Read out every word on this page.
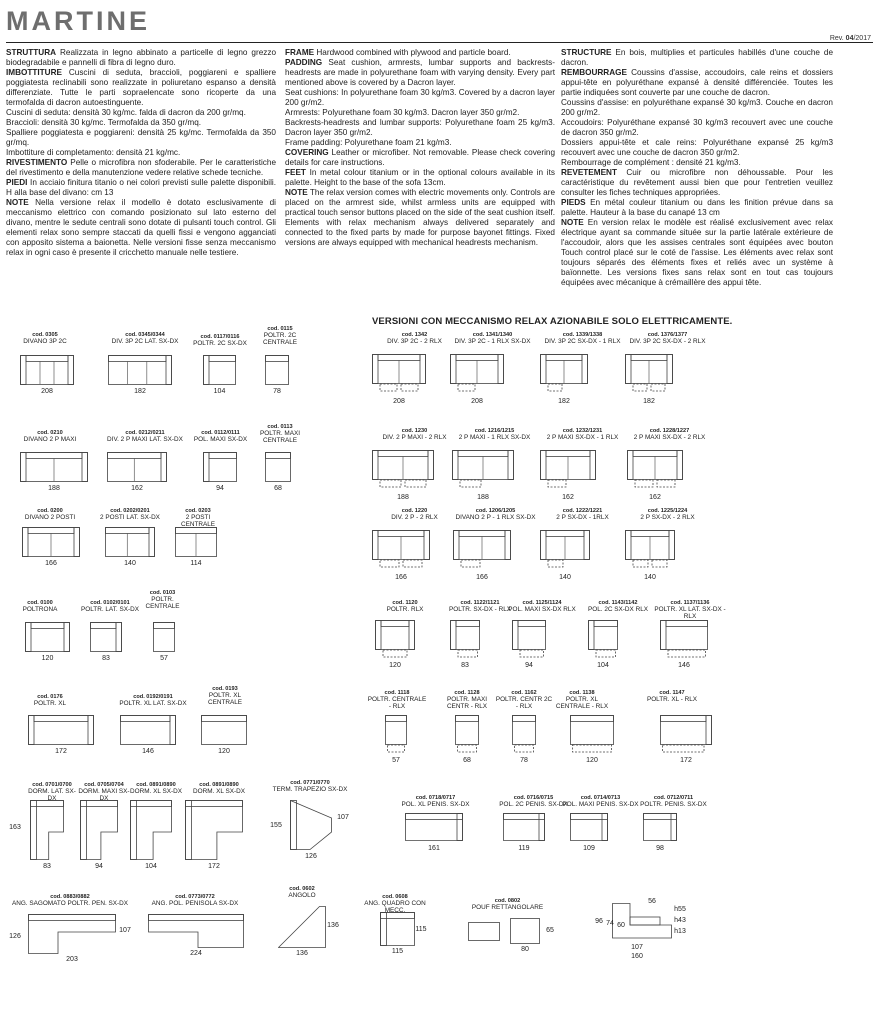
MARTINE
Rev. 04/2017

STRUTTURA Realizzata in legno abbinato a particelle di legno grezzo biodegradabile e pannelli di fibra di legno duro.

IMBOTTITURE Cuscini di seduta, braccioli, poggiareni e spalliere poggiatesta reclinabili sono realizzate in poliuretano espanso a densità differenziate. Tutte le parti sopraelencate sono ricoperte da una termofalda di dacron autoestinguente.

Cuscini di seduta: densità 30 kg/mc. falda di dacron da 200 gr/mq.

Braccioli: densità 30 kg/mc. Termofalda da 350 gr/mq.

Spalliere poggiatesta e poggiareni: densità 25 kg/mc. Termofalda da 350 gr/mq.

Imbottiture di completamento: densità 21 kg/mc.

RIVESTIMENTO Pelle o microfibra non sfoderabile. Per le caratteristiche del rivestimento e della manutenzione vedere relative schede tecniche.

PIEDI In acciaio finitura titanio o nei colori previsti sulle palette disponibili. H alla base del divano: cm 13

NOTE Nella versione relax il modello è dotato esclusivamente di meccanismo elettrico con comando posizionato sul lato esterno del divano, mentre le sedute centrali sono dotate di pulsanti touch control. Gli elementi relax sono sempre staccati da quelli fissi e vengono agganciati con apposito sistema a baionetta. Nelle versioni fisse senza meccanismo relax in ogni caso è presente il cricchetto manuale nelle testiere.

FRAME Hardwood combined with plywood and particle board.

PADDING Seat cushion, armrests, lumbar supports and backrests-headrests are made in polyurethane foam with varying density. Every part mentioned above is covered by a Dacron layer.

Seat cushions: In polyurethane foam 30 kg/m3. Covered by a dacron layer 200 gr/m2.

Armrests: Polyurethane foam 30 kg/m3. Dacron layer 350 gr/m2.

Backrests-headrests and lumbar supports: Polyurethane foam 25 kg/m3. Dacron layer 350 gr/m2.

Frame padding: Polyurethane foam 21 kg/m3.

COVERING Leather or microfiber. Not removable. Please check covering details for care instructions.

FEET In metal colour titanium or in the optional colours available in its palette. Height to the base of the sofa 13cm.

NOTE The relax version comes with electric movements only. Controls are placed on the armrest side, whilst armless units are equipped with practical touch sensor buttons placed on the side of the seat cushion itself. Elements with relax mechanism always delivered separately and connected to the fixed parts by made for purpose bayonet fittings. Fixed versions are always equipped with mechanical headrests mechanism.

STRUCTURE En bois, multiplies et particules habillés d'une couche de dacron.

REMBOURRAGE Coussins d'assise, accoudoirs, cale reins et dossiers appui-tête en polyuréthane expansé à densité différenciée. Toutes les partie indiquées sont couverte par une couche de dacron.

Coussins d'assise: en polyuréthane expansé 30 kg/m3. Couche en dacron 200 gr/m2.

Accoudoirs: Polyuréthane expansé 30 kg/m3 recouvert avec une couche de dacron 350 gr/m2.

Dossiers appui-tête et cale reins: Polyuréthane expansé 25 kg/m3 recouvert avec une couche de dacron 350 gr/m2.

Rembourrage de complément : densité 21 kg/m3.

REVETEMENT Cuir ou microfibre non déhoussable. Pour les caractéristique du revêtement aussi bien que pour l'entretien veuillez consulter les fiches techniques appropriées.

PIEDS En métal couleur titanium ou dans les finition prévue dans sa palette. Hauteur à la base du canapé 13 cm

NOTE En version relax le modèle est réalisé exclusivement avec relax électrique ayant sa commande située sur la partie latérale extérieure de l'accoudoir, alors que les assises centrales sont équipées avec bouton Touch control placé sur le coté de l'assise. Les éléments avec relax sont toujours séparés des éléments fixes et reliés avec un système à baïonnette. Les versions fixes sans relax sont en tout cas toujours équipées avec mécanique à crémaillère des appui tête.

VERSIONI CON MECCANISMO RELAX AZIONABILE SOLO ELETTRICAMENTE.
cod. 0305
DIVANO 3P 2C
208
cod. 0345/0344
DIV. 3P 2C LAT. SX-DX
182
cod. 0117/0116
POLTR. 2C SX-DX
104
cod. 0115
POLTR. 2C CENTRALE
78
cod. 0210
DIVANO 2 P MAXI
188
cod. 0212/0211
DIV. 2 P MAXI LAT. SX-DX
162
cod. 0112/0111
POL. MAXI SX-DX
94
cod. 0113
POLTR. MAXI CENTRALE
68
cod. 0200
DIVANO 2 POSTI
166
cod. 0202/0201
2 POSTI LAT. SX-DX
140
cod. 0203
2 POSTI CENTRALE
114
cod. 0100
POLTRONA
120
cod. 0102/0101
POLTR. LAT. SX-DX
83
cod. 0103
POLTR. CENTRALE
57
cod. 0176
POLTR. XL
172
cod. 0192/0191
POLTR. XL LAT. SX-DX
146
cod. 0193
POLTR. XL CENTRALE
120
cod. 0701/0700
DORM. LAT. SX-DX
83
cod. 0705/0704
DORM. MAXI SX-DX
94
cod. 0891/0890
DORM. XL SX-DX
104
cod. 0891/0890
DORM. XL SX-DX
172
163
cod. 0771/0770
TERM. TRAPEZIO SX-DX
155
107
126
cod. 0883/0882
ANG. SAGOMATO POLTR. PEN. SX-DX
126
107
203
cod. 0773/0772
ANG. POL. PENISOLA SX-DX
224
cod. 0602
ANGOLO
136
136
cod. 0608
ANG. QUADRO CON MECC.
115
115
cod. 0802
POUF RETTANGOLARE
65
80
56
h55
h43
h13
96 74 60
107
160
cod. 1342
DIV. 3P 2C - 2 RLX
208
cod. 1341/1340
DIV. 3P 2C - 1 RLX SX-DX
208
cod. 1339/1338
DIV. 3P 2C SX-DX - 1 RLX
182
cod. 1376/1377
DIV. 3P 2C SX-DX - 2 RLX
182
cod. 1230
DIV. 2 P MAXI - 2 RLX
188
cod. 1216/1215
2 P MAXI - 1 RLX SX-DX
188
cod. 1232/1231
2 P MAXI SX-DX - 1 RLX
162
cod. 1228/1227
2 P MAXI SX-DX - 2 RLX
162
cod. 1220
DIV. 2 P - 2 RLX
166
cod. 1206/1205
DIVANO 2 P - 1 RLX SX-DX
166
cod. 1222/1221
2 P SX-DX - 1RLX
140
cod. 1225/1224
2 P SX-DX - 2 RLX
140
cod. 1120
POLTR. RLX
120
cod. 1122/1121
POLTR. SX-DX - RLX
83
cod. 1125/1124
POL. MAXI SX-DX RLX
94
cod. 1143/1142
POL. 2C SX-DX RLX
104
cod. 1137/1136
POLTR. XL LAT. SX-DX - RLX
146
cod. 1118
POLTR. CENTRALE - RLX
57
cod. 1128
POLTR. MAXI CENTR - RLX
68
cod. 1162
POLTR. CENTR 2C - RLX
78
cod. 1138
POLTR. XL CENTRALE - RLX
120
cod. 1147
POLTR. XL - RLX
172
cod. 0718/0717
POL. XL PENIS. SX-DX
161
cod. 0716/0715
POL. 2C PENIS. SX-DX
119
cod. 0714/0713
POL. MAXI PENIS. SX-DX
109
cod. 0712/0711
POLTR. PENIS. SX-DX
98
